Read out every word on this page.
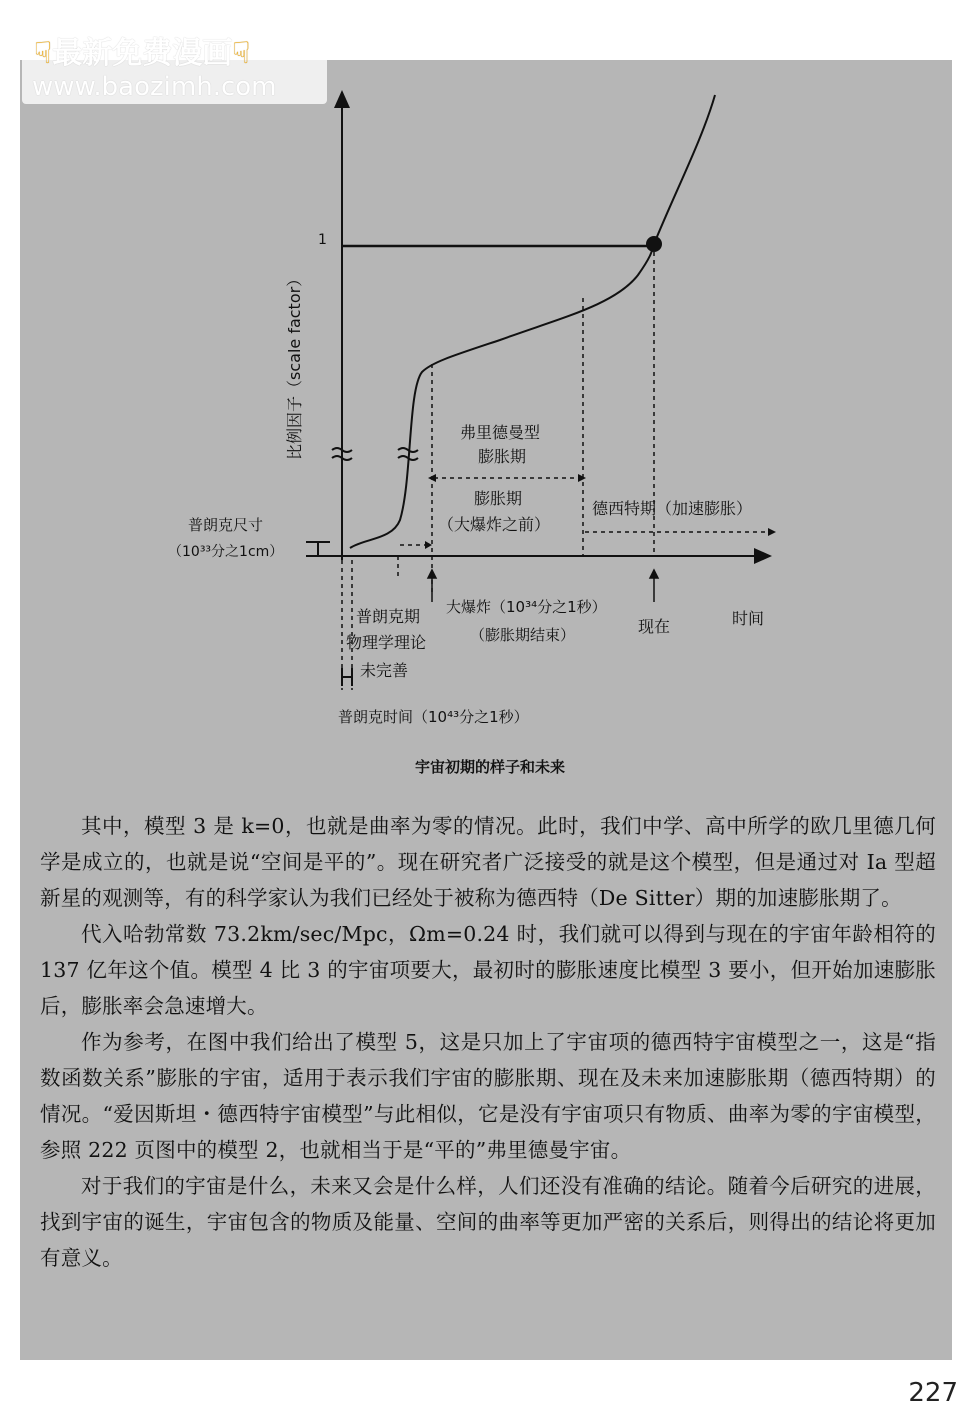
☟最新免费漫画☟
www.baozimh.com
1
比例因子（scale factor）
普朗克尺寸
（10³³分之1cm）
弗里德曼型
膨胀期
膨胀期
（大爆炸之前）
德西特期（加速膨胀）
普朗克期
物理学理论
未完善
大爆炸（10³⁴分之1秒）
（膨胀期结束）	现在	时间
普朗克时间（10⁴³分之1秒）
宇宙初期的样子和未来

其中，模型 3 是 k=0，也就是曲率为零的情况。此时，我们中学、高中所学的欧几里德几何学是成立的，也就是说“空间是平的”。现在研究者广泛接受的就是这个模型，但是通过对 Ia 型超新星的观测等，有的科学家认为我们已经处于被称为德西特（De Sitter）期的加速膨胀期了。

代入哈勃常数 73.2km/sec/Mpc，Ωm=0.24 时，我们就可以得到与现在的宇宙年龄相符的 137 亿年这个值。模型 4 比 3 的宇宙项要大，最初时的膨胀速度比模型 3 要小，但开始加速膨胀后，膨胀率会急速增大。

作为参考，在图中我们给出了模型 5，这是只加上了宇宙项的德西特宇宙模型之一，这是“指数函数关系”膨胀的宇宙，适用于表示我们宇宙的膨胀期、现在及未来加速膨胀期（德西特期）的情况。“爱因斯坦・德西特宇宙模型”与此相似，它是没有宇宙项只有物质、曲率为零的宇宙模型，参照 222 页图中的模型 2，也就相当于是“平的”弗里德曼宇宙。

对于我们的宇宙是什么，未来又会是什么样，人们还没有准确的结论。随着今后研究的进展，找到宇宙的诞生，宇宙包含的物质及能量、空间的曲率等更加严密的关系后，则得出的结论将更加有意义。

227
